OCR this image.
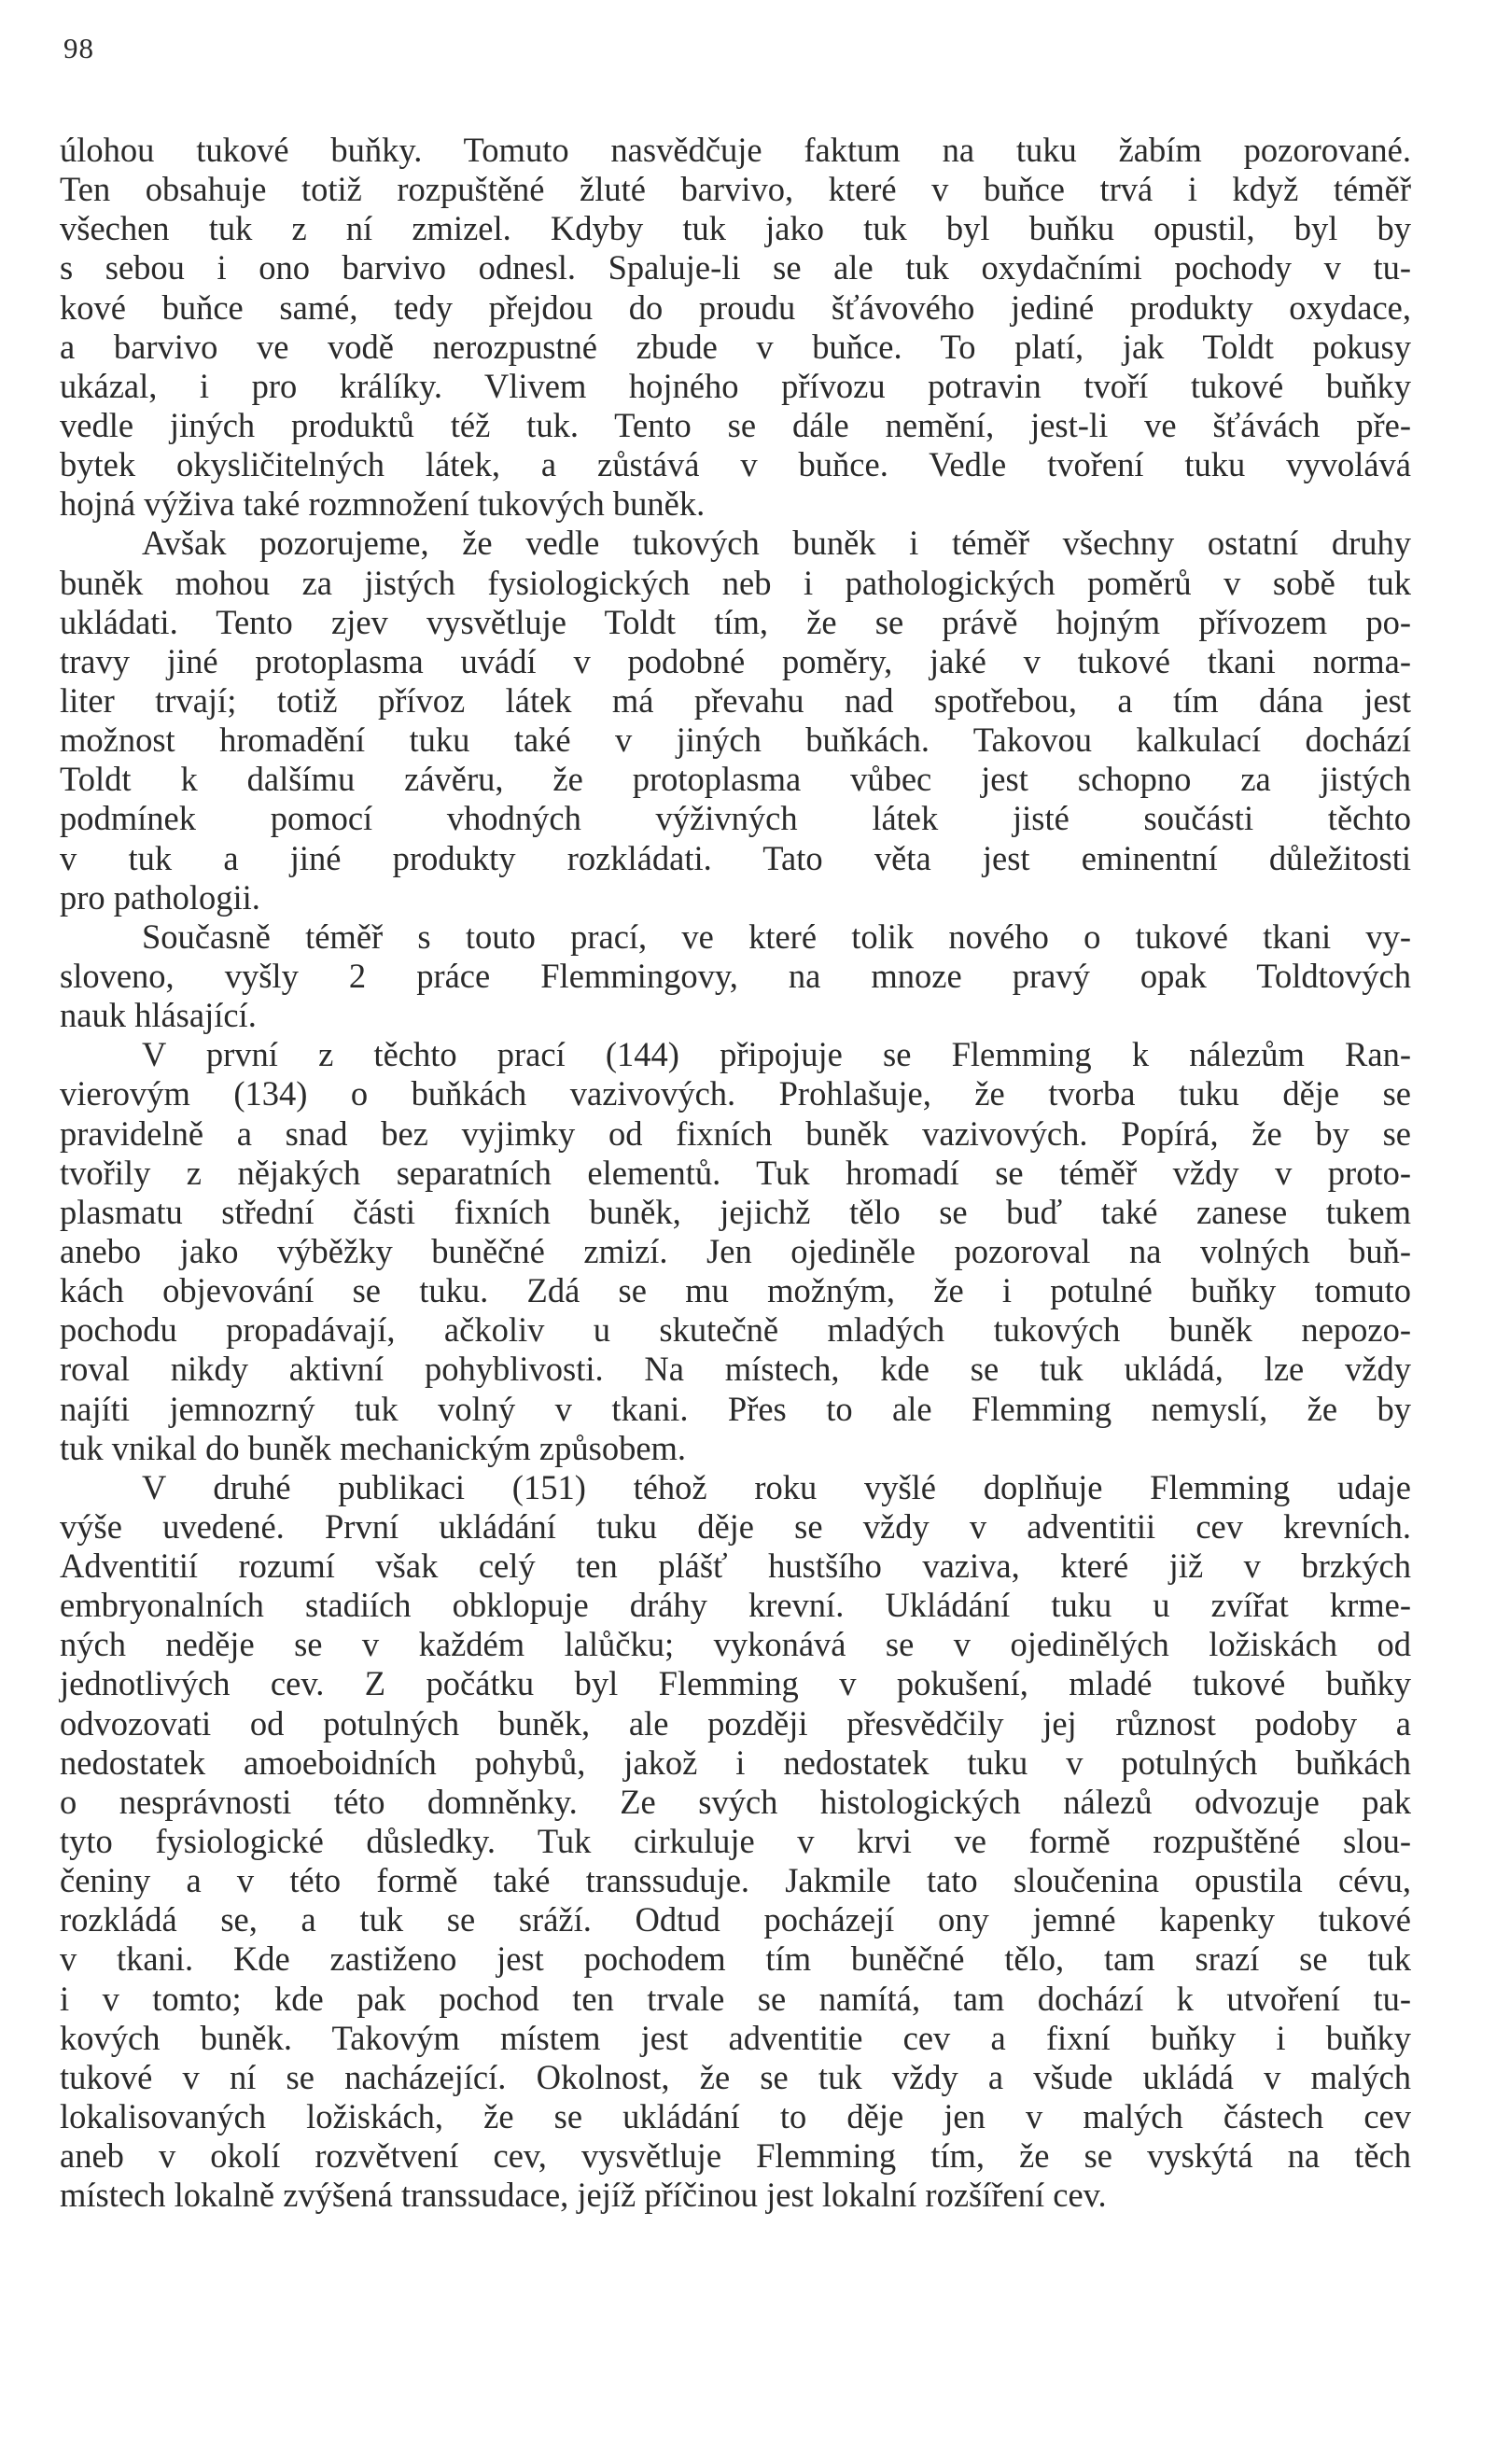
98
úlohou tukové buňky. Tomuto nasvědčuje faktum na tuku žabím pozorované.
Ten obsahuje totiž rozpuštěné žluté barvivo, které v buňce trvá i když téměř
všechen tuk z ní zmizel. Kdyby tuk jako tuk byl buňku opustil, byl by
s sebou i ono barvivo odnesl. Spaluje-li se ale tuk oxydačními pochody v tu-
kové buňce samé, tedy přejdou do proudu šťávového jediné produkty oxydace,
a barvivo ve vodě nerozpustné zbude v buňce. To platí, jak Toldt pokusy
ukázal, i pro králíky. Vlivem hojného přívozu potravin tvoří tukové buňky
vedle jiných produktů též tuk. Tento se dále nemění, jest-li ve šťávách pře-
bytek okysličitelných látek, a zůstává v buňce. Vedle tvoření tuku vyvolává
hojná výživa také rozmnožení tukových buněk.
Avšak pozorujeme, že vedle tukových buněk i téměř všechny ostatní druhy
buněk mohou za jistých fysiologických neb i pathologických poměrů v sobě tuk
ukládati. Tento zjev vysvětluje Toldt tím, že se právě hojným přívozem po-
travy jiné protoplasma uvádí v podobné poměry, jaké v tukové tkani norma-
liter trvají; totiž přívoz látek má převahu nad spotřebou, a tím dána jest
možnost hromadění tuku také v jiných buňkách. Takovou kalkulací dochází
Toldt k dalšímu závěru, že protoplasma vůbec jest schopno za jistých
podmínek pomocí vhodných výživných látek jisté součásti těchto
v tuk a jiné produkty rozkládati. Tato věta jest eminentní důležitosti
pro pathologii.
Současně téměř s touto prací, ve které tolik nového o tukové tkani vy-
sloveno, vyšly 2 práce Flemmingovy, na mnoze pravý opak Toldtových
nauk hlásající.
V první z těchto prací (144) připojuje se Flemming k nálezům Ran-
vierovým (134) o buňkách vazivových. Prohlašuje, že tvorba tuku děje se
pravidelně a snad bez vyjimky od fixních buněk vazivových. Popírá, že by se
tvořily z nějakých separatních elementů. Tuk hromadí se téměř vždy v proto-
plasmatu střední části fixních buněk, jejichž tělo se buď také zanese tukem
anebo jako výběžky buněčné zmizí. Jen ojediněle pozoroval na volných buň-
kách objevování se tuku. Zdá se mu možným, že i potulné buňky tomuto
pochodu propadávají, ačkoliv u skutečně mladých tukových buněk nepozo-
roval nikdy aktivní pohyblivosti. Na místech, kde se tuk ukládá, lze vždy
najíti jemnozrný tuk volný v tkani. Přes to ale Flemming nemyslí, že by
tuk vnikal do buněk mechanickým způsobem.
V druhé publikaci (151) téhož roku vyšlé doplňuje Flemming udaje
výše uvedené. První ukládání tuku děje se vždy v adventitii cev krevních.
Adventitií rozumí však celý ten plášť hustšího vaziva, které již v brzkých
embryonalních stadiích obklopuje dráhy krevní. Ukládání tuku u zvířat krme-
ných neděje se v každém lalůčku; vykonává se v ojedinělých ložiskách od
jednotlivých cev. Z počátku byl Flemming v pokušení, mladé tukové buňky
odvozovati od potulných buněk, ale později přesvědčily jej různost podoby a
nedostatek amoeboidních pohybů, jakož i nedostatek tuku v potulných buňkách
o nesprávnosti této domněnky. Ze svých histologických nálezů odvozuje pak
tyto fysiologické důsledky. Tuk cirkuluje v krvi ve formě rozpuštěné slou-
čeniny a v této formě také transsuduje. Jakmile tato sloučenina opustila cévu,
rozkládá se, a tuk se sráží. Odtud pocházejí ony jemné kapenky tukové
v tkani. Kde zastiženo jest pochodem tím buněčné tělo, tam srazí se tuk
i v tomto; kde pak pochod ten trvale se namítá, tam dochází k utvoření tu-
kových buněk. Takovým místem jest adventitie cev a fixní buňky i buňky
tukové v ní se nacházející. Okolnost, že se tuk vždy a všude ukládá v malých
lokalisovaných ložiskách, že se ukládání to děje jen v malých částech cev
aneb v okolí rozvětvení cev, vysvětluje Flemming tím, že se vyskýtá na těch
místech lokalně zvýšená transsudace, jejíž příčinou jest lokalní rozšíření cev.
